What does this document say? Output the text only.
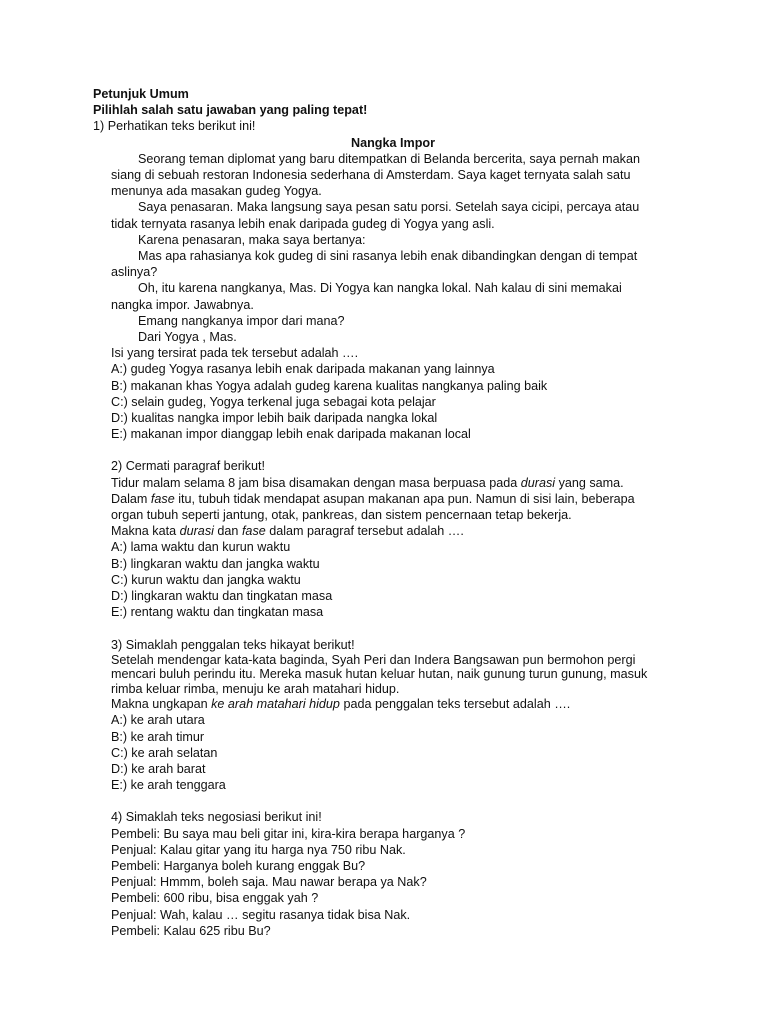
Petunjuk Umum
Pilihlah salah satu jawaban yang paling tepat!
1) Perhatikan teks berikut ini!
Nangka Impor
Seorang teman diplomat yang baru ditempatkan di Belanda bercerita, saya pernah makan
siang di sebuah restoran Indonesia sederhana di Amsterdam. Saya kaget ternyata salah satu
menunya ada masakan gudeg Yogya.
Saya penasaran. Maka langsung saya pesan satu porsi. Setelah saya cicipi, percaya atau
tidak ternyata rasanya lebih enak daripada gudeg di Yogya yang asli.
Karena penasaran, maka saya bertanya:
Mas apa rahasianya kok gudeg di sini rasanya lebih enak dibandingkan dengan di tempat
aslinya?
Oh, itu karena nangkanya, Mas. Di Yogya kan nangka lokal. Nah kalau di sini memakai
nangka impor. Jawabnya.
Emang nangkanya impor dari mana?
Dari Yogya , Mas.
Isi yang tersirat pada tek tersebut adalah ….
A:) gudeg Yogya rasanya lebih enak daripada makanan yang lainnya
B:) makanan khas Yogya adalah gudeg karena kualitas nangkanya paling baik
C:) selain gudeg, Yogya terkenal juga sebagai kota pelajar
D:) kualitas nangka impor lebih baik daripada nangka lokal
E:) makanan impor dianggap lebih enak daripada makanan local
2) Cermati paragraf berikut!
Tidur malam selama 8 jam bisa disamakan dengan masa berpuasa pada durasi yang sama.
Dalam fase itu, tubuh tidak mendapat asupan makanan apa pun. Namun di sisi lain, beberapa
organ tubuh seperti jantung, otak, pankreas, dan sistem pencernaan tetap bekerja.
Makna kata durasi dan fase dalam paragraf tersebut adalah ….
A:) lama waktu dan kurun waktu
B:) lingkaran waktu dan jangka waktu
C:) kurun waktu dan jangka waktu
D:) lingkaran waktu dan tingkatan masa
E:) rentang waktu dan tingkatan masa
3) Simaklah penggalan teks hikayat berikut!
Setelah mendengar kata-kata baginda, Syah Peri dan Indera Bangsawan pun bermohon pergi
mencari buluh perindu itu. Mereka masuk hutan keluar hutan, naik gunung turun gunung, masuk
rimba keluar rimba, menuju ke arah matahari hidup.
Makna ungkapan ke arah matahari hidup pada penggalan teks tersebut adalah ….
A:) ke arah utara
B:) ke arah timur
C:) ke arah selatan
D:) ke arah barat
E:) ke arah tenggara
4) Simaklah teks negosiasi berikut ini!
Pembeli: Bu saya mau beli gitar ini, kira-kira berapa harganya ?
Penjual: Kalau gitar yang itu harga nya 750 ribu Nak.
Pembeli: Harganya boleh kurang enggak Bu?
Penjual: Hmmm, boleh saja. Mau nawar berapa ya Nak?
Pembeli: 600 ribu, bisa enggak yah ?
Penjual: Wah, kalau … segitu rasanya tidak bisa Nak.
Pembeli: Kalau 625 ribu Bu?
